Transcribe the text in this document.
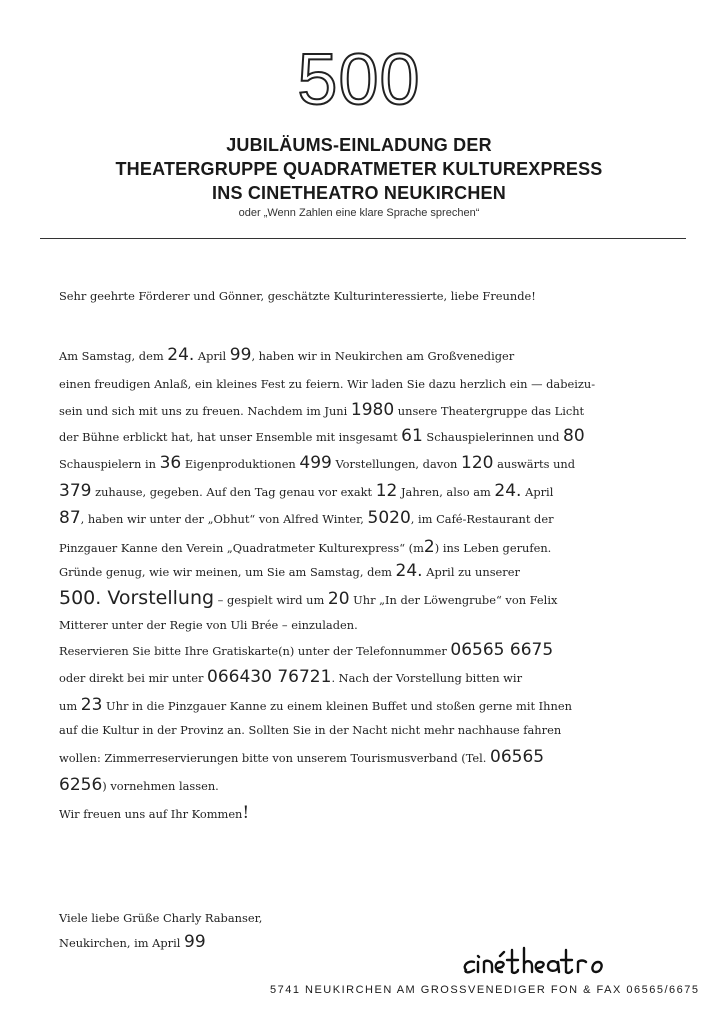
500
JUBILÄUMS-EINLADUNG DER
THEATERGRUPPE QUADRATMETER KULTUREXPRESS
INS CINETHEATRO NEUKIRCHEN
oder „Wenn Zahlen eine klare Sprache sprechen“
Sehr geehrte Förderer und Gönner, geschätzte Kulturinteressierte, liebe Freunde!
Am Samstag, dem 24. April 99, haben wir in Neukirchen am Großvenediger
einen freudigen Anlaß, ein kleines Fest zu feiern. Wir laden Sie dazu herzlich ein — dabeizu-
sein und sich mit uns zu freuen. Nachdem im Juni 1980 unsere Theatergruppe das Licht
der Bühne erblickt hat, hat unser Ensemble mit insgesamt 61 Schauspielerinnen und 80
Schauspielern in 36 Eigenproduktionen 499 Vorstellungen, davon 120 auswärts und
379 zuhause, gegeben. Auf den Tag genau vor exakt 12 Jahren, also am 24. April
87, haben wir unter der „Obhut“ von Alfred Winter, 5020, im Café-Restaurant der
Pinzgauer Kanne den Verein „Quadratmeter Kulturexpress“ (m2) ins Leben gerufen.
Gründe genug, wie wir meinen, um Sie am Samstag, dem 24. April zu unserer
500. Vorstellung – gespielt wird um 20 Uhr „In der Löwengrube“ von Felix
Mitterer unter der Regie von Uli Brée – einzuladen.
Reservieren Sie bitte Ihre Gratiskarte(n) unter der Telefonnummer 06565 6675
oder direkt bei mir unter 066430 76721. Nach der Vorstellung bitten wir
um 23 Uhr in die Pinzgauer Kanne zu einem kleinen Buffet und stoßen gerne mit Ihnen
auf die Kultur in der Provinz an. Sollten Sie in der Nacht nicht mehr nachhause fahren
wollen: Zimmerreservierungen bitte von unserem Tourismusverband (Tel. 06565
6256) vornehmen lassen.
Wir freuen uns auf Ihr Kommen!
Viele liebe Grüße Charly Rabanser,
Neukirchen, im April 99
5741 NEUKIRCHEN AM GROSSVENEDIGER FON & FAX 06565/6675
